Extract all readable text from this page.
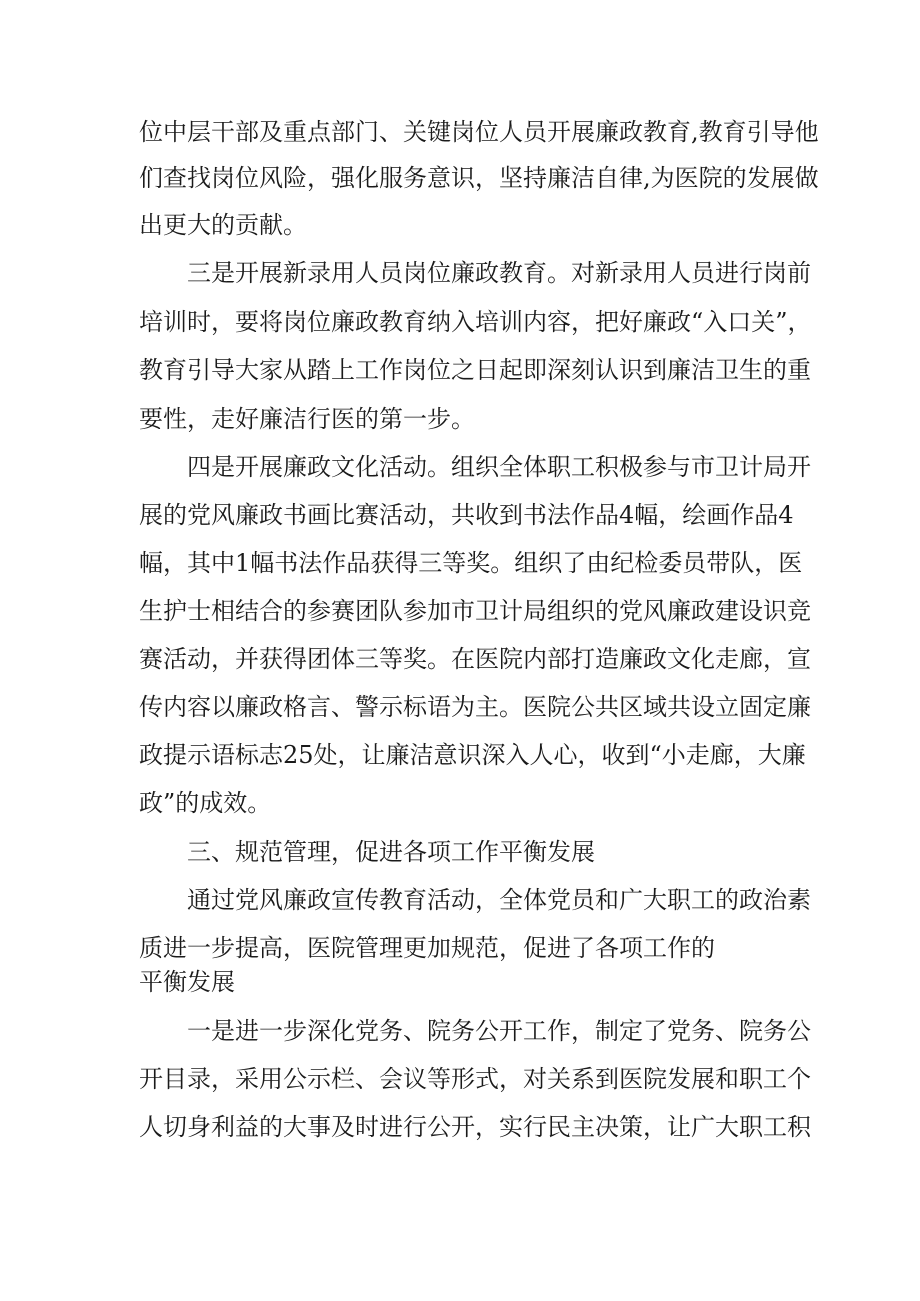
位中层干部及重点部门、关键岗位人员开展廉政教育,教育引导他
们查找岗位风险，强化服务意识，坚持廉洁自律,为医院的发展做
出更大的贡献。
三是开展新录用人员岗位廉政教育。对新录用人员进行岗前
培训时，要将岗位廉政教育纳入培训内容，把好廉政“入口关”，
教育引导大家从踏上工作岗位之日起即深刻认识到廉洁卫生的重
要性，走好廉洁行医的第一步。
四是开展廉政文化活动。组织全体职工积极参与市卫计局开
展的党风廉政书画比赛活动，共收到书法作品4幅，绘画作品4
幅，其中1幅书法作品获得三等奖。组织了由纪检委员带队，医
生护士相结合的参赛团队参加市卫计局组织的党风廉政建设识竞
赛活动，并获得团体三等奖。在医院内部打造廉政文化走廊，宣
传内容以廉政格言、警示标语为主。医院公共区域共设立固定廉
政提示语标志25处，让廉洁意识深入人心，收到“小走廊，大廉
政”的成效。
三、规范管理，促进各项工作平衡发展
通过党风廉政宣传教育活动，全体党员和广大职工的政治素
质进一步提高，医院管理更加规范，促进了各项工作的
平衡发展
一是进一步深化党务、院务公开工作，制定了党务、院务公
开目录，采用公示栏、会议等形式，对关系到医院发展和职工个
人切身利益的大事及时进行公开，实行民主决策，让广大职工积
